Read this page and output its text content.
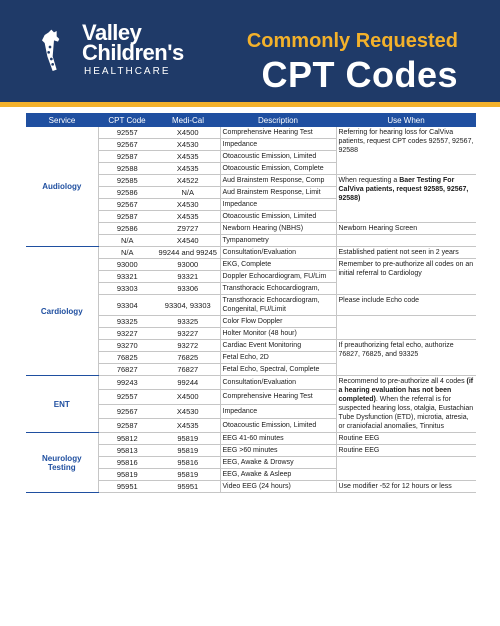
Valley
Children's
HEALTHCARE
Commonly Requested
CPT Codes
Service	CPT Code	Medi-Cal	Description	Use When
Audiology	92557	X4500	Comprehensive Hearing Test	Referring for hearing loss for CalViva patients, request CPT codes 92557, 92567, 92588
	92567	X4530	Impedance	
	92587	X4535	Otoacoustic Emission, Limited	
	92588	X4535	Otoacoustic Emission, Complete	
	92585	X4522	Aud Brainstem Response, Comp	When requesting a Baer Testing For CalViva patients, request 92585, 92567, 92588)
	92586	N/A	Aud Brainstem Response, Limit	
	92567	X4530	Impedance	
	92587	X4535	Otoacoustic Emission, Limited	
	92586	Z9727	Newborn Hearing (NBHS)	Newborn Hearing Screen
	N/A	X4540	Tympanometry	
Cardiology	N/A	99244 and 99245	Consultation/Evaluation	Established patient not seen in 2 years
	93000	93000	EKG, Complete	Remember to pre-authorize all codes on an initial referral to Cardiology
	93321	93321	Doppler Echocardiogram, FU/Lim	
	93303	93306	Transthoracic Echocardiogram,	
	93304	93304, 93303	Transthoracic Echocardiogram, Congenital, FU/Limit	Please include Echo code
	93325	93325	Color Flow Doppler	
	93227	93227	Holter Monitor (48 hour)	
	93270	93272	Cardiac Event Monitoring	If preauthorizing fetal echo, authorize 76827, 76825, and 93325
	76825	76825	Fetal Echo, 2D	
	76827	76827	Fetal Echo, Spectral, Complete	
ENT	99243	99244	Consultation/Evaluation	Recommend to pre-authorize all 4 codes (if a hearing evaluation has not been completed). When the referral is for suspected hearing loss, otalgia, Eustachian Tube Dysfunction (ETD), microtia, atresia, or craniofacial anomalies, Tinnitus
	92557	X4500	Comprehensive Hearing Test	
	92567	X4530	Impedance	
	92587	X4535	Otoacoustic Emission, Limited	
Neurology Testing	95812	95819	EEG 41-60 minutes	Routine EEG
	95813	95819	EEG >60 minutes	Routine EEG
	95816	95816	EEG, Awake & Drowsy	
	95819	95819	EEG, Awake & Asleep	
	95951	95951	Video EEG (24 hours)	Use modifier -52 for 12 hours or less
